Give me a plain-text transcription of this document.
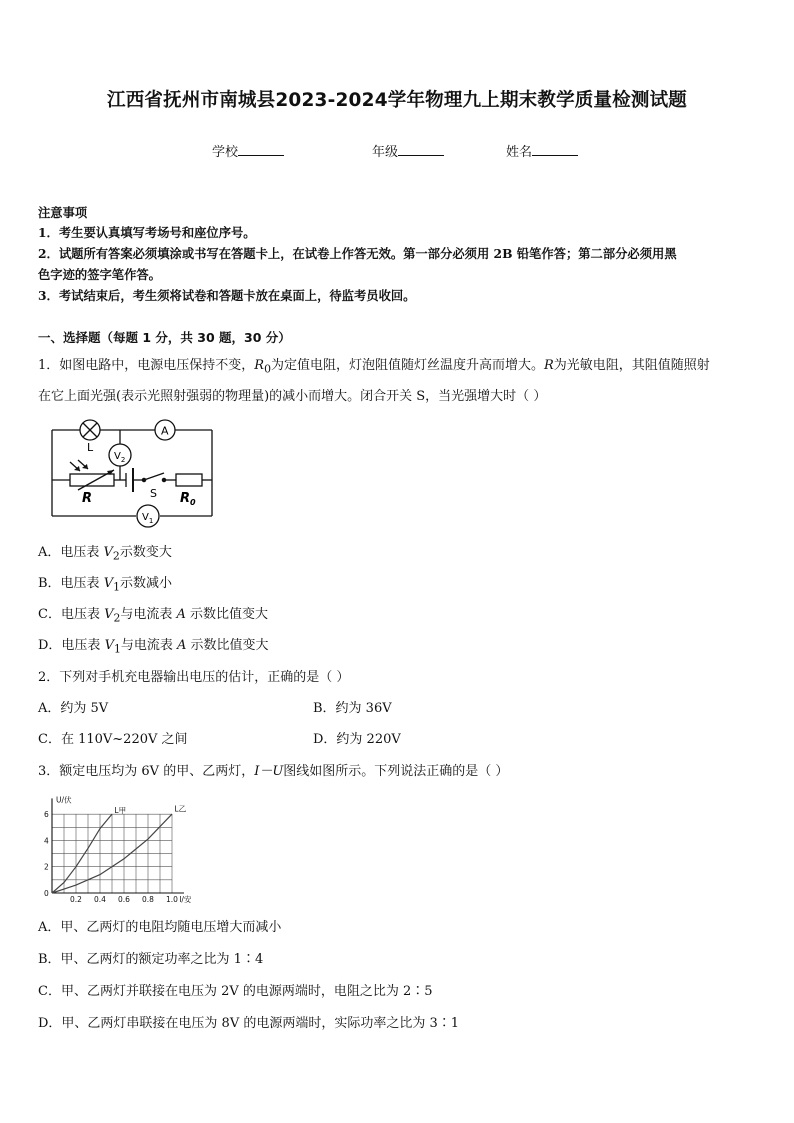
江西省抚州市南城县2023-2024学年物理九上期末教学质量检测试题
学校	年级	姓名
注意事项
1．考生要认真填写考场号和座位序号。
2．试题所有答案必须填涂或书写在答题卡上，在试卷上作答无效。第一部分必须用 2B 铅笔作答；第二部分必须用黑
色字迹的签字笔作答。
3．考试结束后，考生须将试卷和答题卡放在桌面上，待监考员收回。
一、选择题（每题 1 分，共 30 题，30 分）
1．如图电路中，电源电压保持不变，$R_0$为定值电阻，灯泡阻值随灯丝温度升高而增大。R为光敏电阻，其阻值随照射
在它上面光强(表示光照射强弱的物理量)的减小而增大。闭合开关 S，当光强增大时（ ）
L
A
$V_2$
$V_1$
R	S $R_0$
A．电压表 $V_2$示数变大
B．电压表 $V_1$示数减小
C．电压表 $V_2$与电流表 A 示数比值变大
D．电压表 $V_1$与电流表 A 示数比值变大
2．下列对手机充电器输出电压的估计，正确的是（ ）
A．约为 5V	B．约为 36V
C．在 110V~220V 之间	D．约为 220V
3．额定电压均为 6V 的甲、乙两灯，I－U图线如图所示。下列说法正确的是（ ）
U/伏
I/安
0
2
4
6
0.2 0.4 0.6 0.8 1.0
L甲	L乙
A．甲、乙两灯的电阻均随电压增大而减小
B．甲、乙两灯的额定功率之比为 1∶4
C．甲、乙两灯并联接在电压为 2V 的电源两端时，电阻之比为 2∶5
D．甲、乙两灯串联接在电压为 8V 的电源两端时，实际功率之比为 3∶1
